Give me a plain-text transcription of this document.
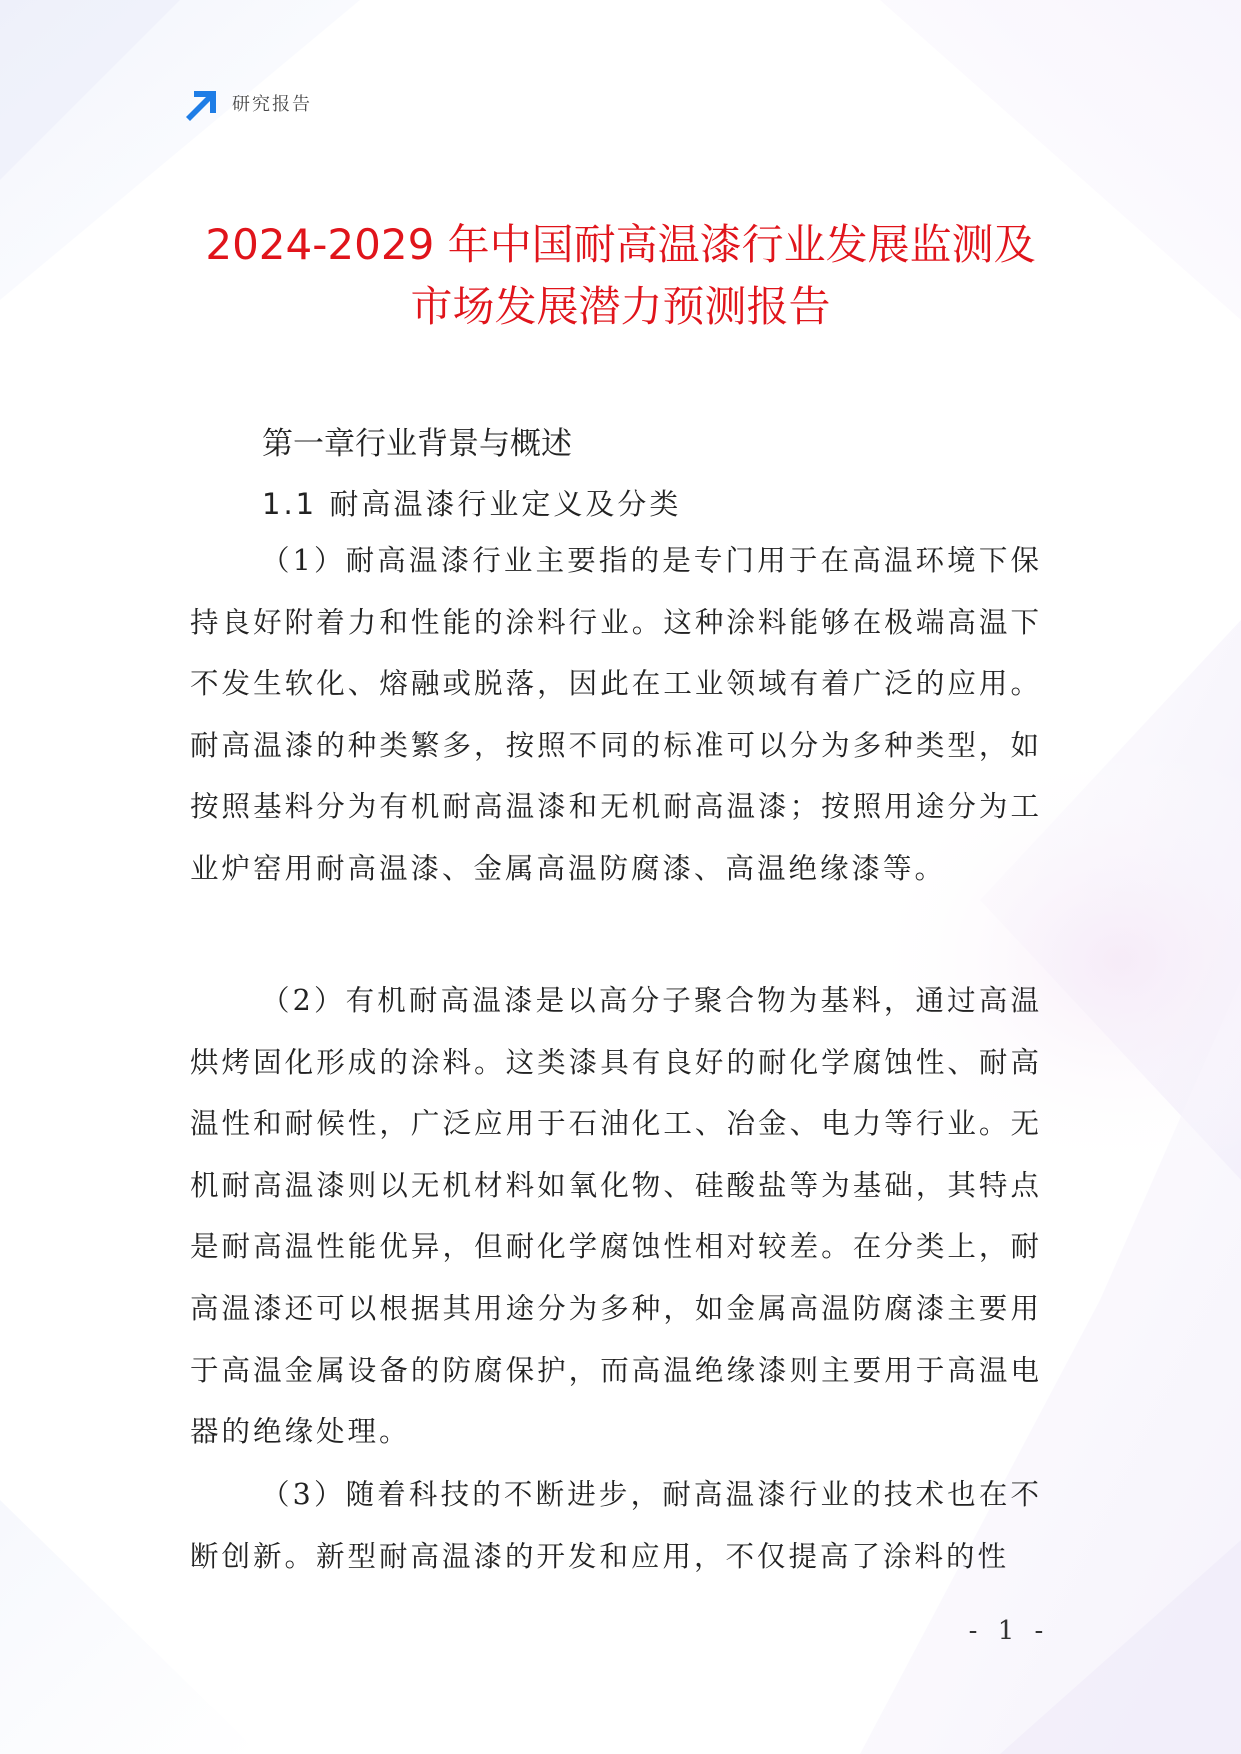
研究报告
2024-2029 年中国耐高温漆行业发展监测及
市场发展潜力预测报告
第一章行业背景与概述
1.1 耐高温漆行业定义及分类

（1）耐高温漆行业主要指的是专门用于在高温环境下保持良好附着力和性能的涂料行业。这种涂料能够在极端高温下不发生软化、熔融或脱落，因此在工业领域有着广泛的应用。耐高温漆的种类繁多，按照不同的标准可以分为多种类型，如按照基料分为有机耐高温漆和无机耐高温漆；按照用途分为工业炉窑用耐高温漆、金属高温防腐漆、高温绝缘漆等。

（2）有机耐高温漆是以高分子聚合物为基料，通过高温烘烤固化形成的涂料。这类漆具有良好的耐化学腐蚀性、耐高温性和耐候性，广泛应用于石油化工、冶金、电力等行业。无机耐高温漆则以无机材料如氧化物、硅酸盐等为基础，其特点是耐高温性能优异，但耐化学腐蚀性相对较差。在分类上，耐高温漆还可以根据其用途分为多种，如金属高温防腐漆主要用于高温金属设备的防腐保护，而高温绝缘漆则主要用于高温电器的绝缘处理。

（3）随着科技的不断进步，耐高温漆行业的技术也在不断创新。新型耐高温漆的开发和应用，不仅提高了涂料的性

- 1 -
